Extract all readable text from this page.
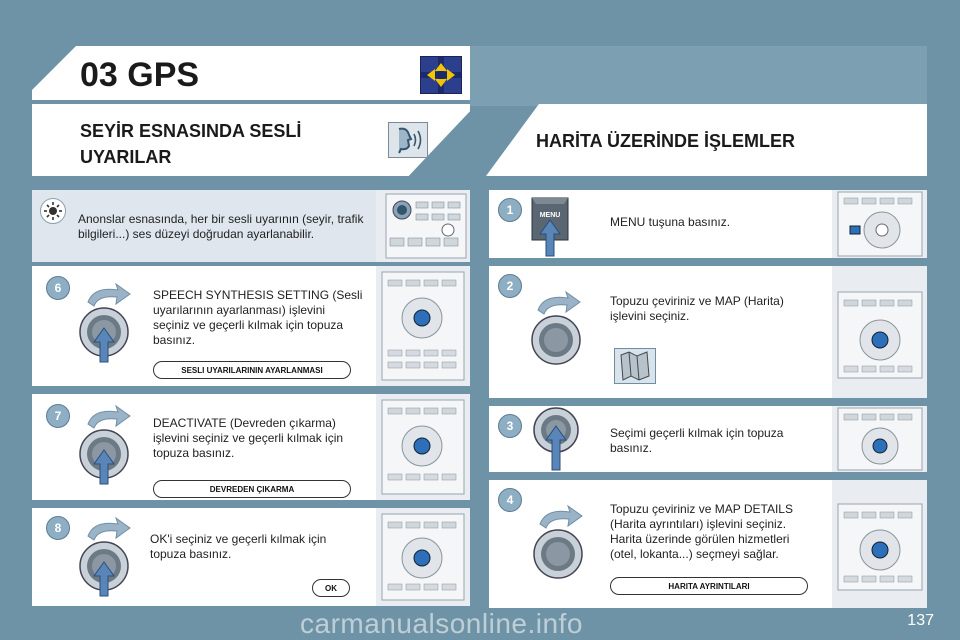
03 GPS
SEYİR ESNASINDA SESLİ
UYARILAR
HARİTA ÜZERİNDE İŞLEMLER
Anonslar esnasında, her bir sesli uyarının (seyir, trafik bilgileri...) ses düzeyi doğrudan ayarlanabilir.
6	SPEECH SYNTHESIS SETTING (Sesli uyarılarının ayarlanması) işlevini seçiniz ve geçerli kılmak için topuza basınız.
SESLI UYARILARININ AYARLANMASI
7	DEACTIVATE (Devreden çıkarma) işlevini seçiniz ve geçerli kılmak için topuza basınız.
DEVREDEN ÇIKARMA
8
OK'i seçiniz ve geçerli kılmak için topuza basınız.
OK
1	MENU	MENU tuşuna basınız.
2
Topuzu çeviriniz ve MAP (Harita) işlevini seçiniz.
3	Seçimi geçerli kılmak için topuza basınız.
4
Topuzu çeviriniz ve MAP DETAILS (Harita ayrıntıları) işlevini seçiniz. Harita üzerinde görülen hizmetleri (otel, lokanta...) seçmeyi sağlar.
HARITA AYRINTILARI
carmanualsonline.info	137
